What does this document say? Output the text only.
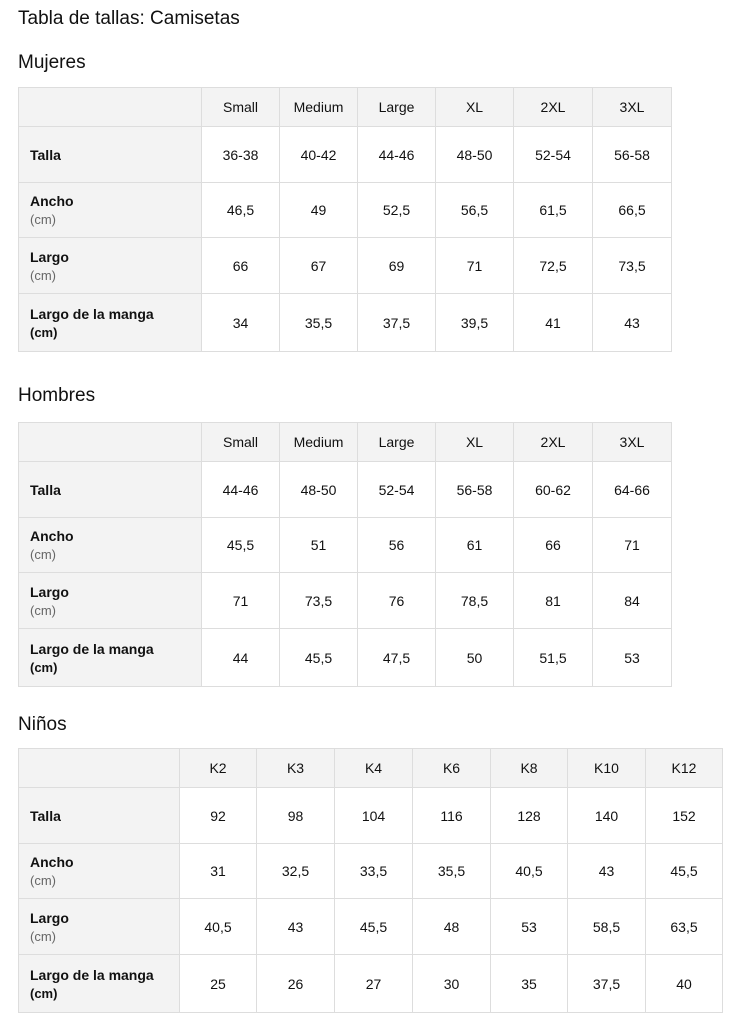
Tabla de tallas: Camisetas
Mujeres
	Small	Medium	Large	XL	2XL	3XL
Talla	36-38	40-42	44-46	48-50	52-54	56-58
Ancho
(cm)	46,5	49	52,5	56,5	61,5	66,5
Largo
(cm)	66	67	69	71	72,5	73,5
Largo de la manga
(cm)	34	35,5	37,5	39,5	41	43
Hombres
	Small	Medium	Large	XL	2XL	3XL
Talla	44-46	48-50	52-54	56-58	60-62	64-66
Ancho
(cm)	45,5	51	56	61	66	71
Largo
(cm)	71	73,5	76	78,5	81	84
Largo de la manga
(cm)	44	45,5	47,5	50	51,5	53
Niños
	K2	K3	K4	K6	K8	K10	K12
Talla	92	98	104	116	128	140	152
Ancho
(cm)	31	32,5	33,5	35,5	40,5	43	45,5
Largo
(cm)	40,5	43	45,5	48	53	58,5	63,5
Largo de la manga
(cm)	25	26	27	30	35	37,5	40
